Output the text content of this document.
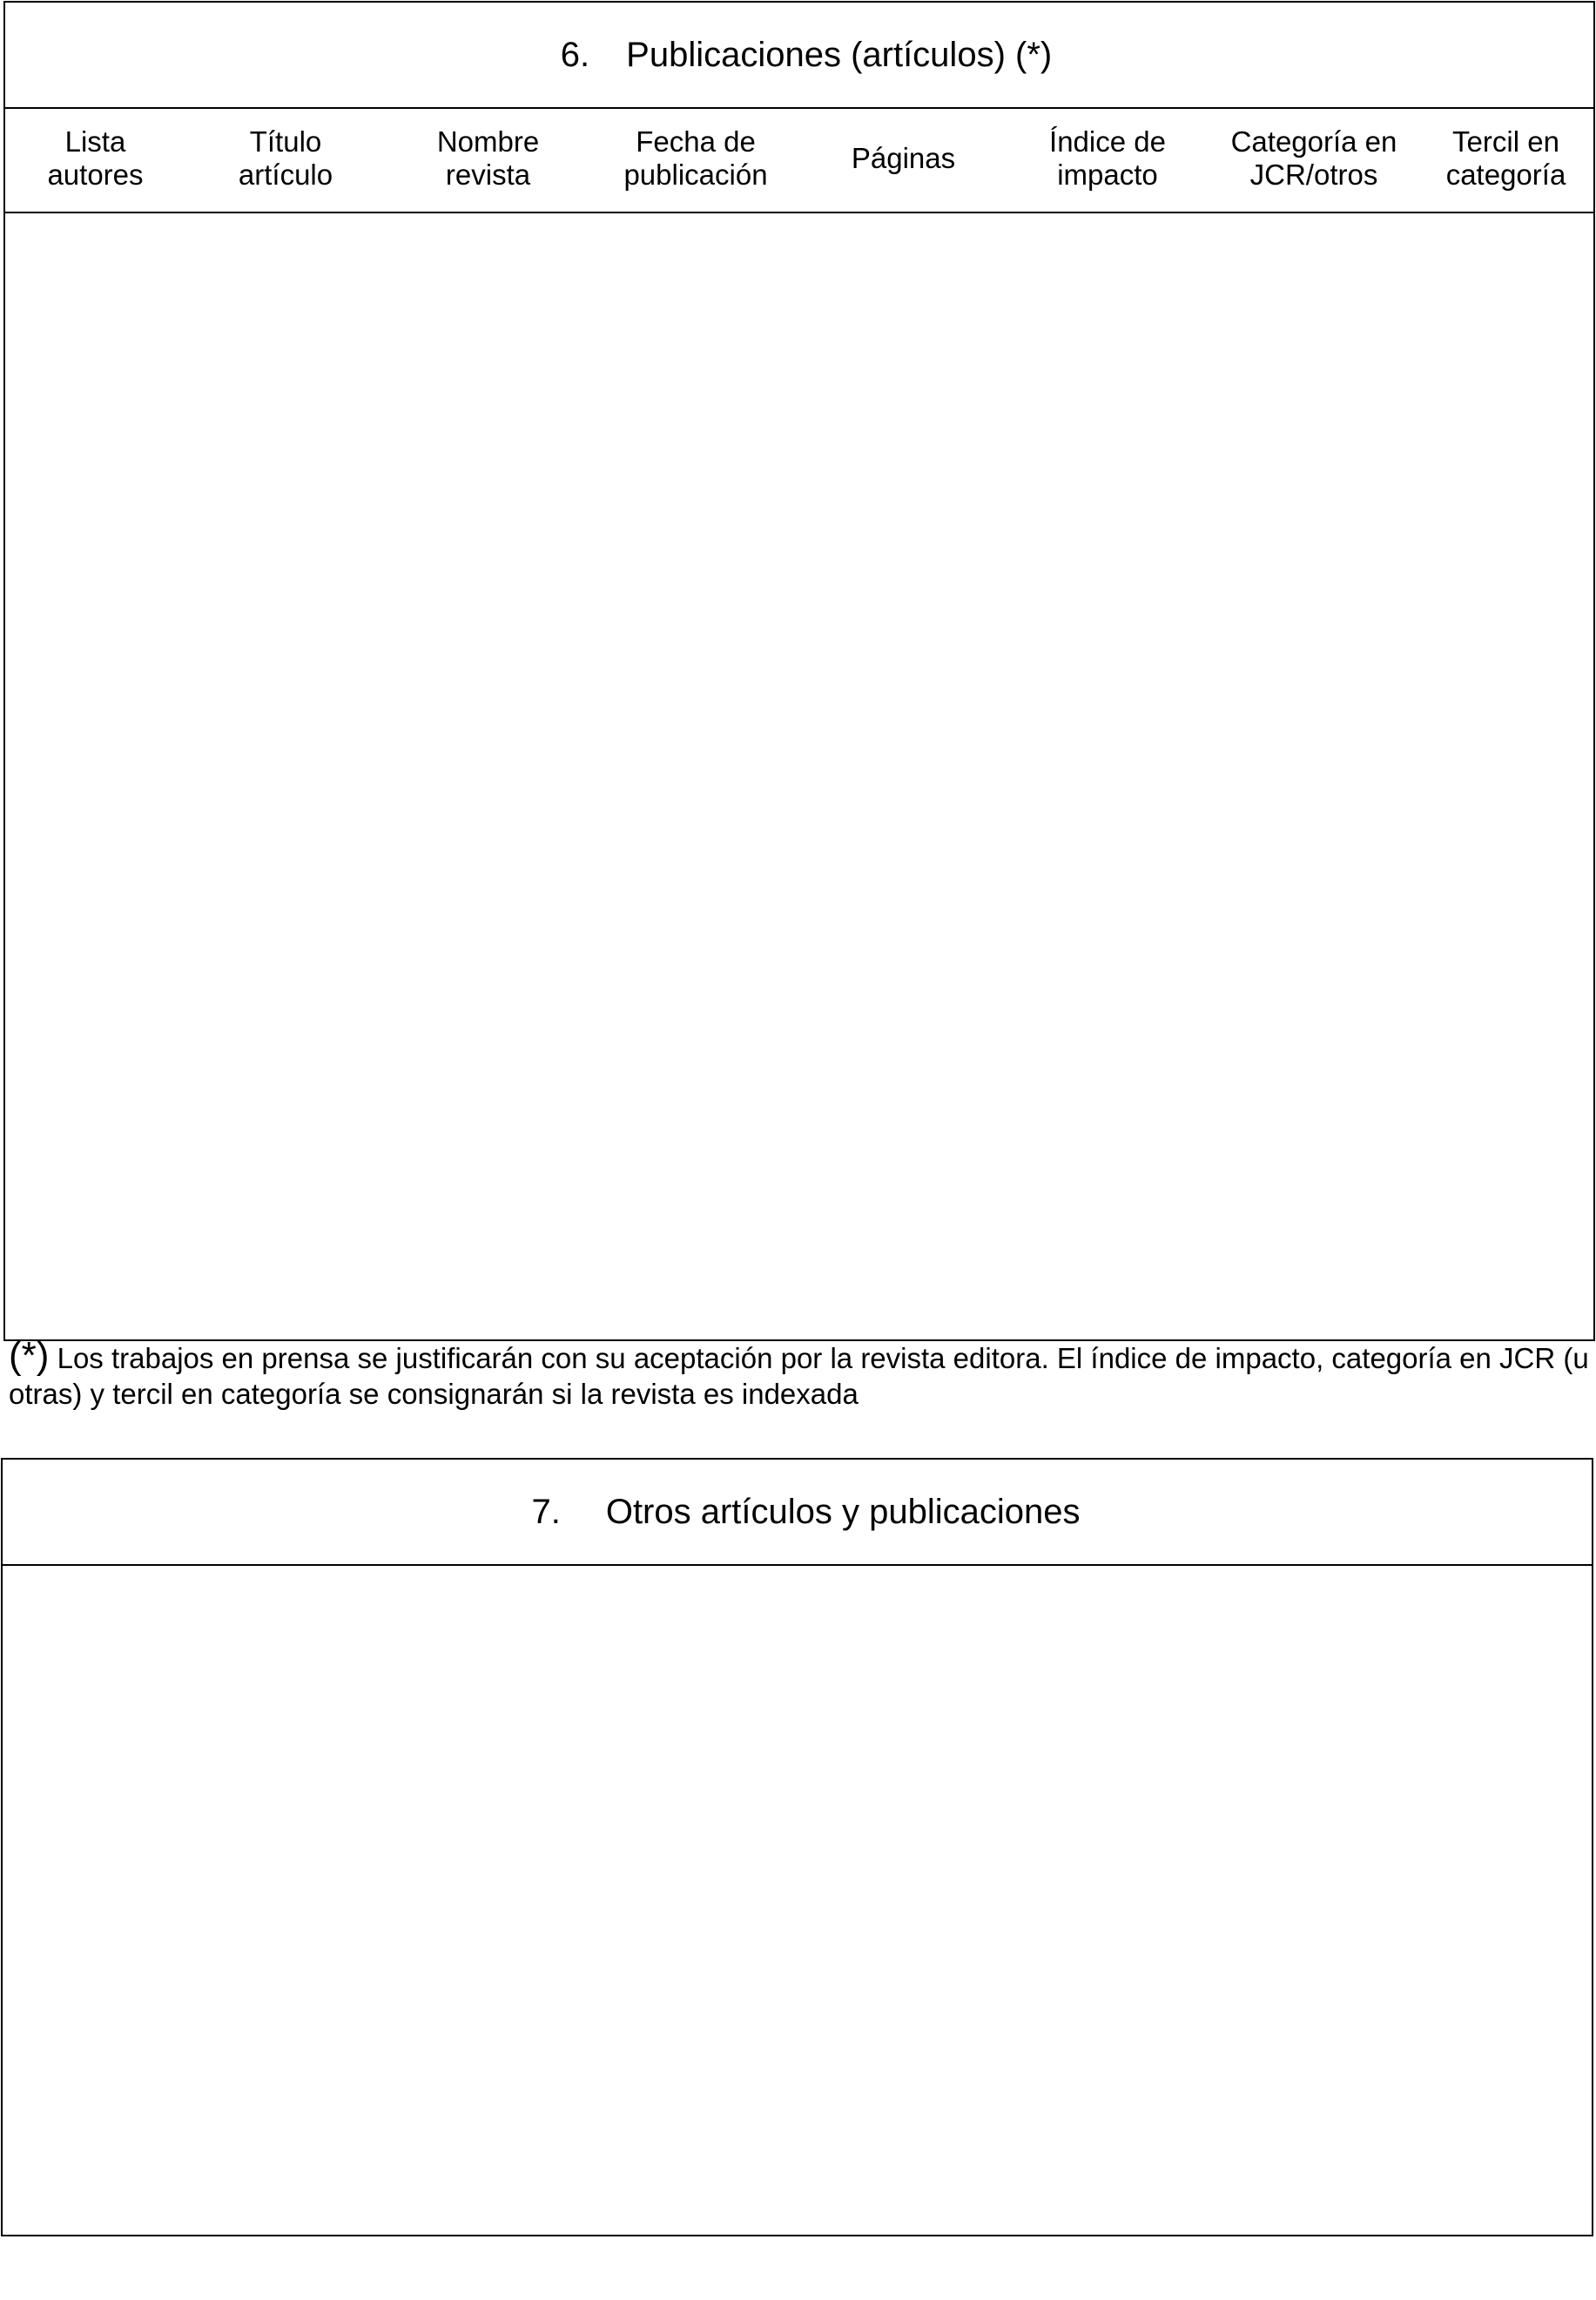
6. Publicaciones (artículos) (*)
Lista
autores
Título
artículo
Nombre
revista
Fecha de
publicación
Páginas
Índice de
impacto
Categoría en
JCR/otros
Tercil en
categoría
(*) Los trabajos en prensa se justificarán con su aceptación por la revista editora. El índice de impacto, categoría en JCR (u otras) y tercil en categoría se consignarán si la revista es indexada
7. Otros artículos y publicaciones
